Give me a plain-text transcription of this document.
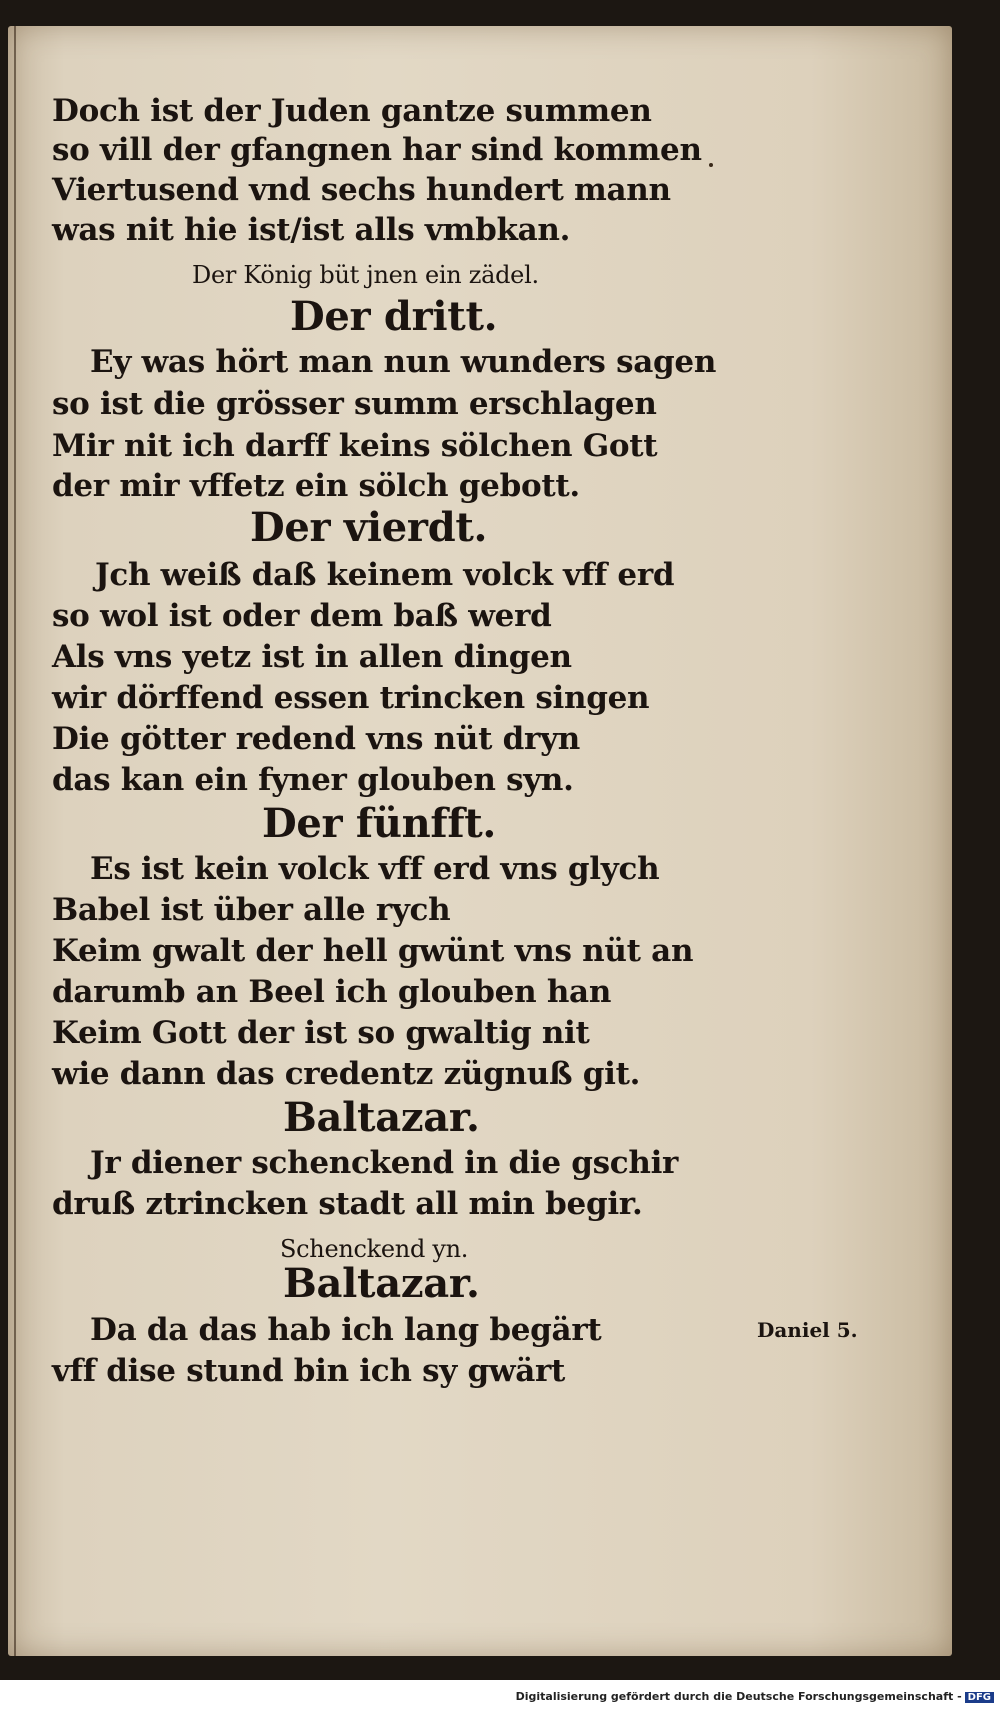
Doch ist der Juden gantze summen
so vill der gfangnen har sind kommen
Viertusend vnd sechs hundert mann
was nit hie ist/ist alls vmbkan.
Der König büt jnen ein zädel.
Der dritt.
Ey was hört man nun wunders sagen
so ist die grösser summ erschlagen
Mir nit ich darff keins sölchen Gott
der mir vffetz ein sölch gebott.
Der vierdt.
Jch weiß daß keinem volck vff erd
so wol ist oder dem baß werd
Als vns yetz ist in allen dingen
wir dörffend essen trincken singen
Die götter redend vns nüt dryn
das kan ein fyner glouben syn.
Der fünfft.
Es ist kein volck vff erd vns glych
Babel ist über alle rych
Keim gwalt der hell gwünt vns nüt an
darumb an Beel ich glouben han
Keim Gott der ist so gwaltig nit
wie dann das credentz zügnuß git.
Baltazar.
Jr diener schenckend in die gschir
druß ztrincken stadt all min begir.
Schenckend yn.
Baltazar.
Da da das hab ich lang begärt
vff dise stund bin ich sy gwärt
Daniel 5.
Digitalisierung gefördert durch die Deutsche Forschungsgemeinschaft - DFG
